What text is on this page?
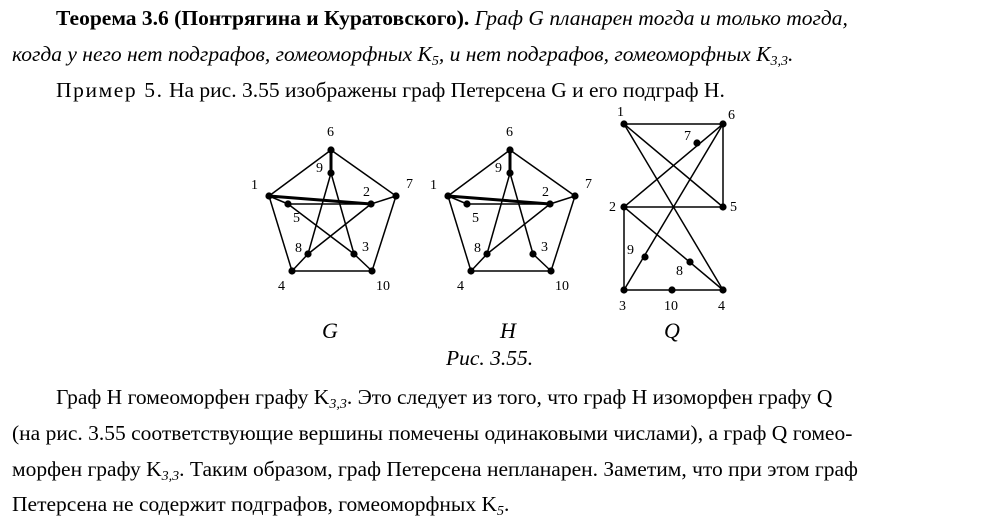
Теорема 3.6 (Понтрягина и Куратовского). Граф G планарен тогда и только тогда,
когда у него нет подграфов, гомеоморфных $K_5$, и нет подграфов, гомеоморфных $K_{3,3}$.
Пример 5. На рис. 3.55 изображены граф Петерсена G и его подграф H.
6
7
10
4
1
9
2
3
8
5
6
7
10
4
1
9
2
3
8
5
1	6
7
2	5
9
8
3	10	4
G	H	Q
Рис. 3.55.
Граф H гомеоморфен графу $K_{3,3}$. Это следует из того, что граф H изоморфен графу Q
(на рис. 3.55 соответствующие вершины помечены одинаковыми числами), а граф Q гомео-
морфен графу $K_{3,3}$. Таким образом, граф Петерсена непланарен. Заметим, что при этом граф
Петерсена не содержит подграфов, гомеоморфных $K_5$.
